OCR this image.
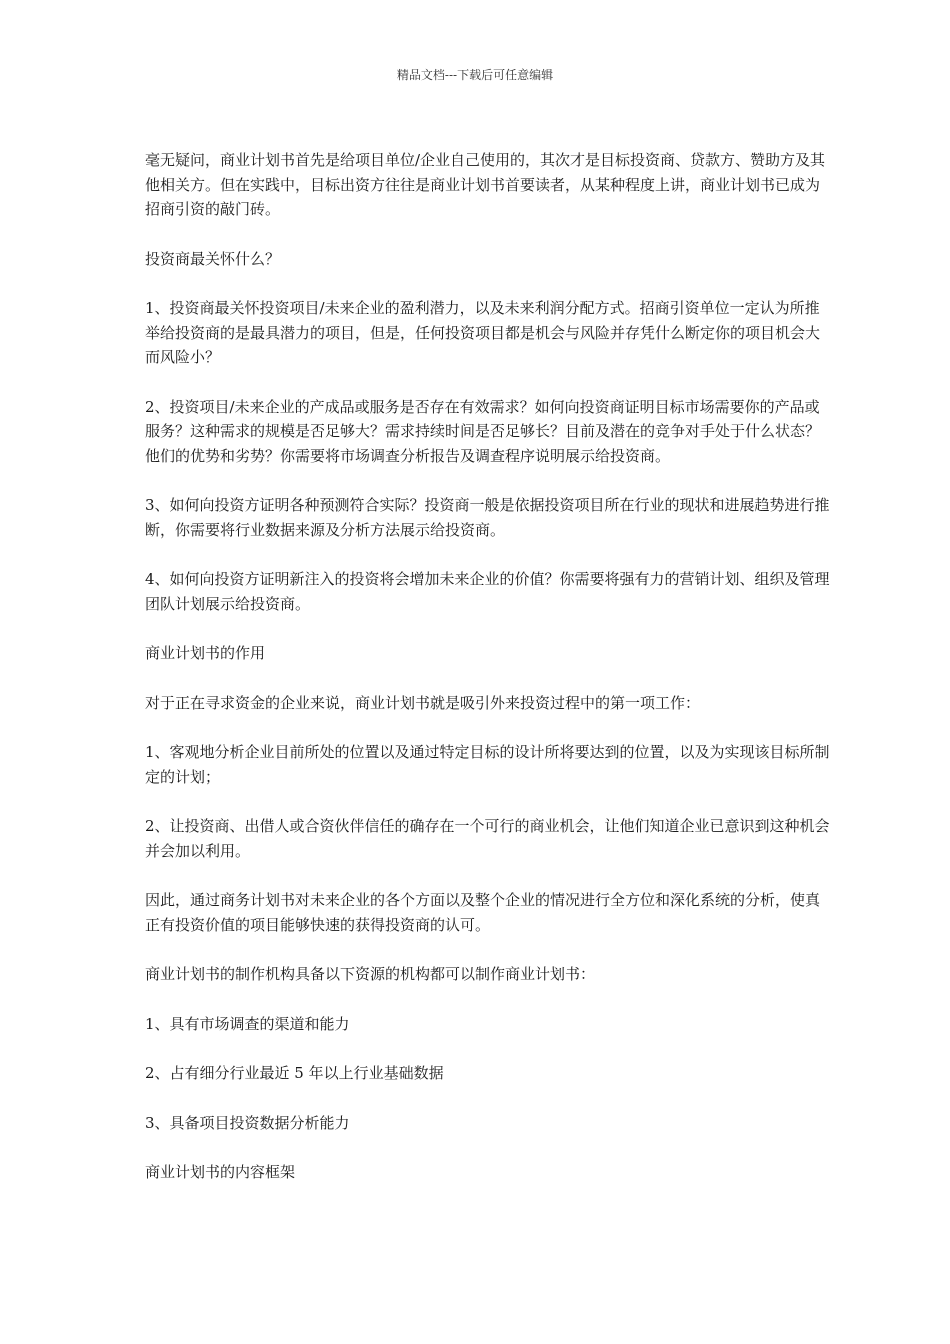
精品文档---下载后可任意编辑

毫无疑问，商业计划书首先是给项目单位/企业自己使用的，其次才是目标投资商、贷款方、赞助方及其他相关方。但在实践中，目标出资方往往是商业计划书首要读者，从某种程度上讲，商业计划书已成为招商引资的敲门砖。

投资商最关怀什么？

1、投资商最关怀投资项目/未来企业的盈利潜力，以及未来利润分配方式。招商引资单位一定认为所推举给投资商的是最具潜力的项目，但是，任何投资项目都是机会与风险并存凭什么断定你的项目机会大而风险小？

2、投资项目/未来企业的产成品或服务是否存在有效需求？如何向投资商证明目标市场需要你的产品或服务？这种需求的规模是否足够大？需求持续时间是否足够长？目前及潜在的竞争对手处于什么状态？他们的优势和劣势？你需要将市场调查分析报告及调查程序说明展示给投资商。

3、如何向投资方证明各种预测符合实际？投资商一般是依据投资项目所在行业的现状和进展趋势进行推断，你需要将行业数据来源及分析方法展示给投资商。

4、如何向投资方证明新注入的投资将会增加未来企业的价值？你需要将强有力的营销计划、组织及管理团队计划展示给投资商。

商业计划书的作用

对于正在寻求资金的企业来说，商业计划书就是吸引外来投资过程中的第一项工作：

1、客观地分析企业目前所处的位置以及通过特定目标的设计所将要达到的位置，以及为实现该目标所制定的计划；

2、让投资商、出借人或合资伙伴信任的确存在一个可行的商业机会，让他们知道企业已意识到这种机会并会加以利用。

因此，通过商务计划书对未来企业的各个方面以及整个企业的情况进行全方位和深化系统的分析，使真正有投资价值的项目能够快速的获得投资商的认可。

商业计划书的制作机构具备以下资源的机构都可以制作商业计划书：

1、具有市场调查的渠道和能力

2、占有细分行业最近 5 年以上行业基础数据

3、具备项目投资数据分析能力

商业计划书的内容框架
